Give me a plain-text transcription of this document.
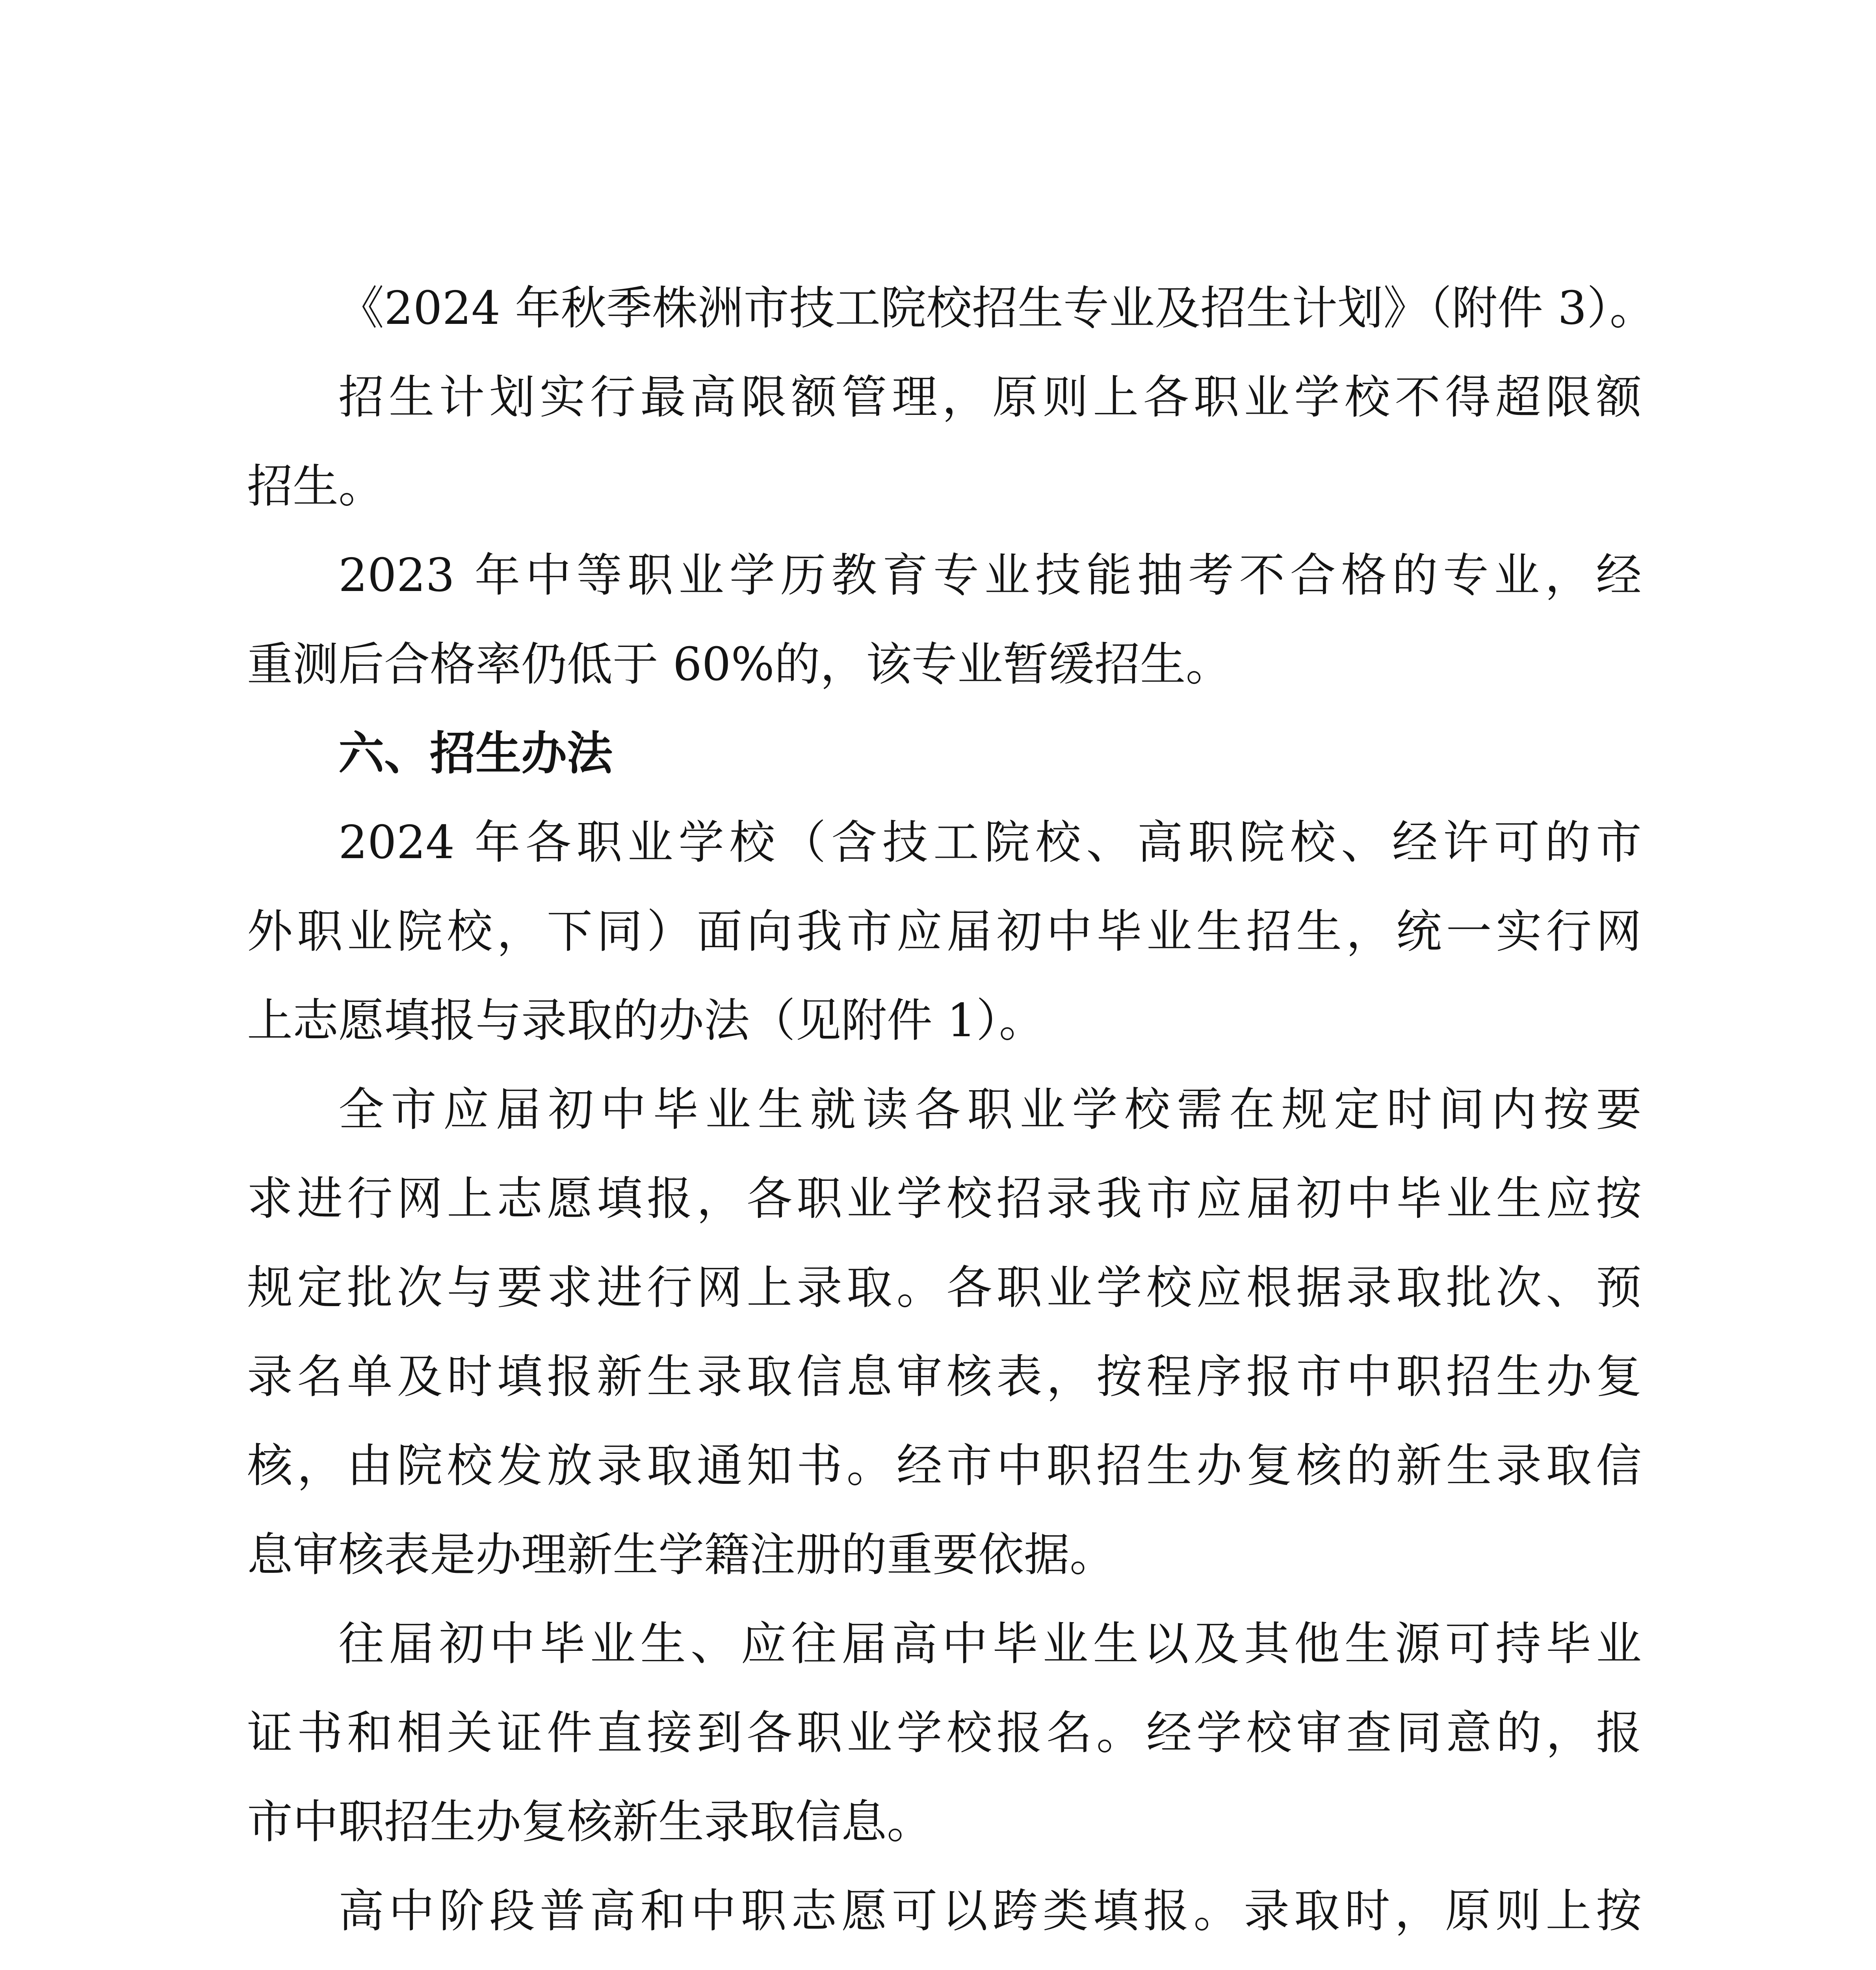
《2024 年秋季株洲市技工院校招生专业及招生计划》（附件 3）。
招生计划实行最高限额管理，原则上各职业学校不得超限额
招生。
2023 年中等职业学历教育专业技能抽考不合格的专业，经
重测后合格率仍低于 60%的，该专业暂缓招生。
六、招生办法
2024 年各职业学校（含技工院校、高职院校、经许可的市
外职业院校，下同）面向我市应届初中毕业生招生，统一实行网
上志愿填报与录取的办法（见附件 1）。
全市应届初中毕业生就读各职业学校需在规定时间内按要
求进行网上志愿填报，各职业学校招录我市应届初中毕业生应按
规定批次与要求进行网上录取。各职业学校应根据录取批次、预
录名单及时填报新生录取信息审核表，按程序报市中职招生办复
核，由院校发放录取通知书。经市中职招生办复核的新生录取信
息审核表是办理新生学籍注册的重要依据。
往届初中毕业生、应往届高中毕业生以及其他生源可持毕业
证书和相关证件直接到各职业学校报名。经学校审查同意的，报
市中职招生办复核新生录取信息。
高中阶段普高和中职志愿可以跨类填报。录取时，原则上按
